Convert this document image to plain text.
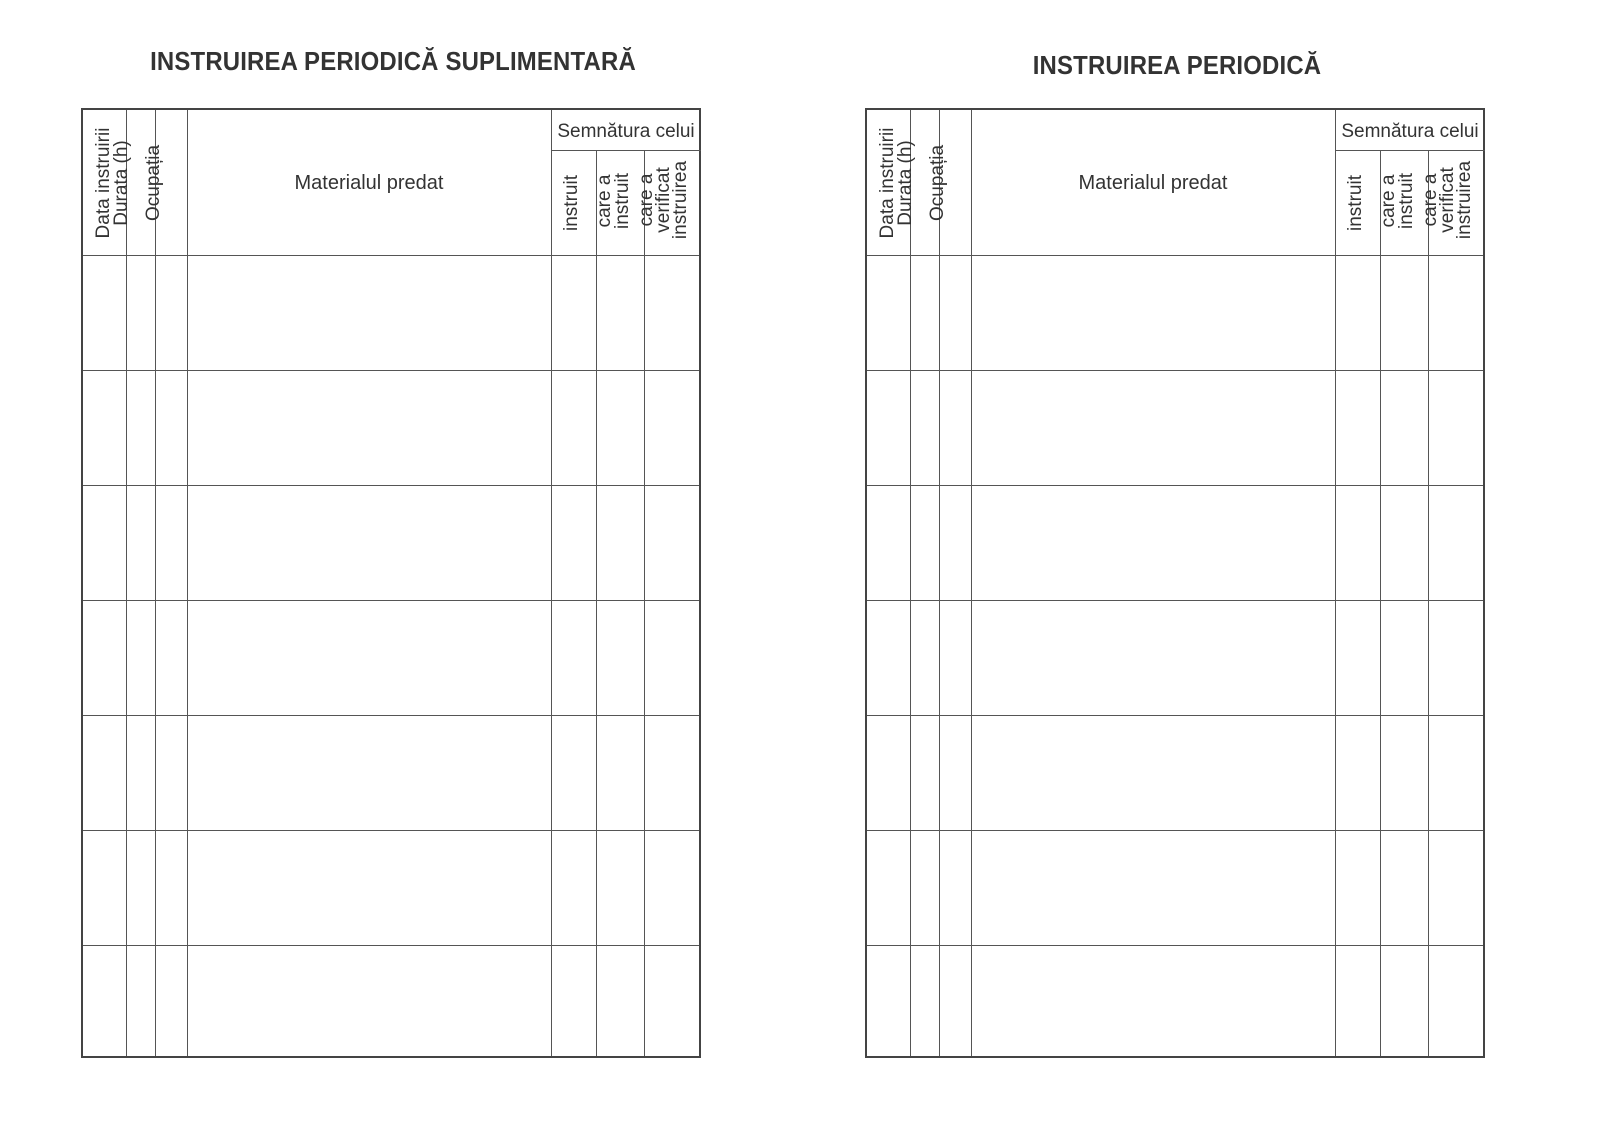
INSTRUIREA PERIODICĂ SUPLIMENTARĂ
Data instruirii
Durata (h) Ocupația	Materialul predat
Semnătura celui
instruit care a instruit care a verificat instruirea
INSTRUIREA PERIODICĂ
Data instruirii
Durata (h) Ocupația	Materialul predat
Semnătura celui
instruit care a instruit care a verificat instruirea
